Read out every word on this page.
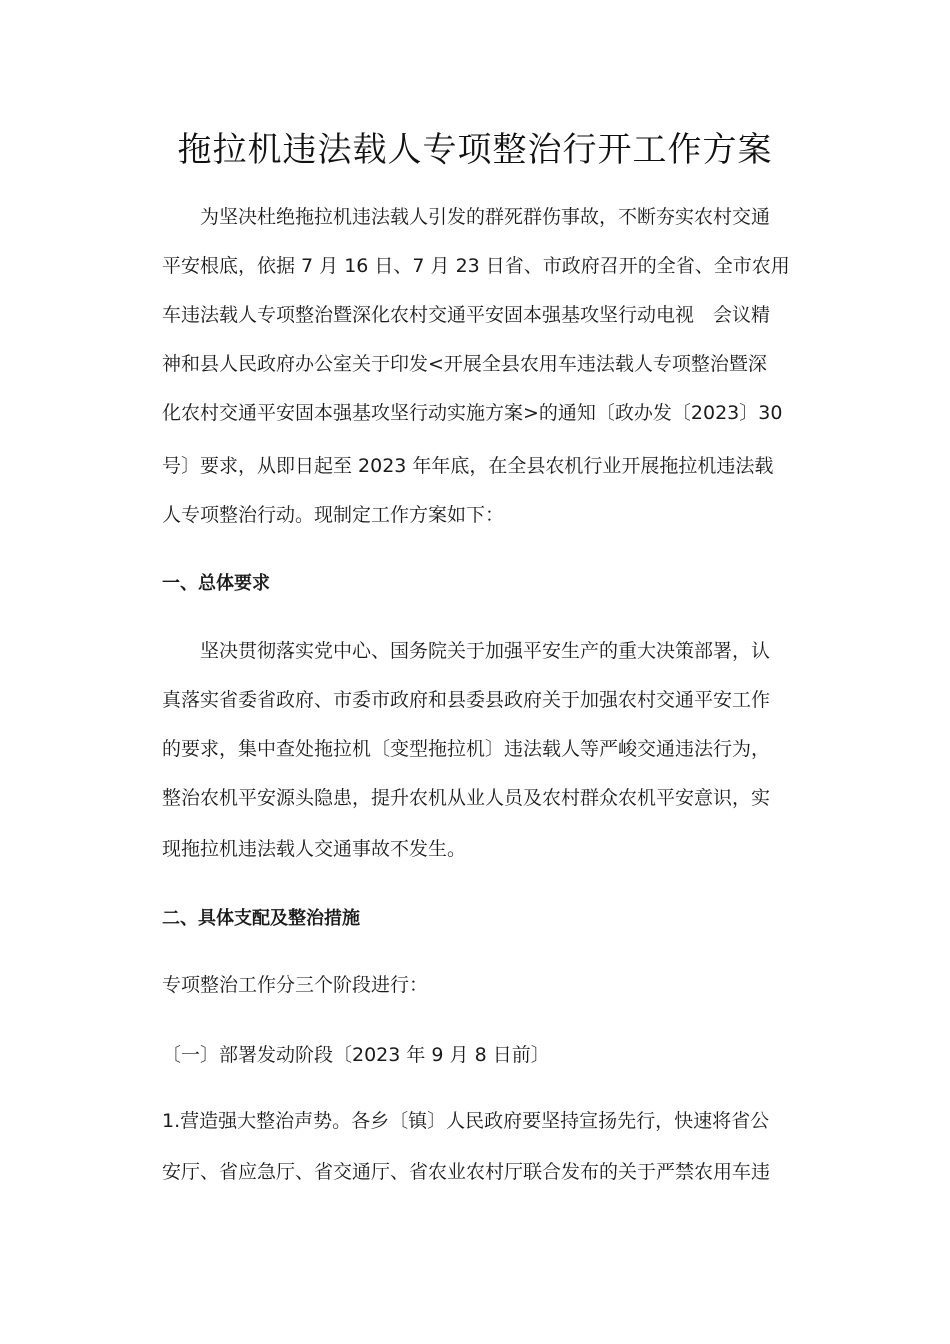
拖拉机违法载人专项整治行开工作方案
为坚决杜绝拖拉机违法载人引发的群死群伤事故，不断夯实农村交通
平安根底，依据 7 月 16 日、7 月 23 日省、市政府召开的全省、全市农用
车违法载人专项整治暨深化农村交通平安固本强基攻坚行动电视　会议精
神和县人民政府办公室关于印发<开展全县农用车违法载人专项整治暨深
化农村交通平安固本强基攻坚行动实施方案>的通知〔政办发〔2023〕30
号〕要求，从即日起至 2023 年年底，在全县农机行业开展拖拉机违法载
人专项整治行动。现制定工作方案如下：
一、总体要求
坚决贯彻落实党中心、国务院关于加强平安生产的重大决策部署，认
真落实省委省政府、市委市政府和县委县政府关于加强农村交通平安工作
的要求，集中查处拖拉机〔变型拖拉机〕违法载人等严峻交通违法行为，
整治农机平安源头隐患，提升农机从业人员及农村群众农机平安意识，实
现拖拉机违法载人交通事故不发生。
二、具体支配及整治措施
专项整治工作分三个阶段进行：
〔一〕部署发动阶段〔2023 年 9 月 8 日前〕
1.营造强大整治声势。各乡〔镇〕人民政府要坚持宣扬先行，快速将省公
安厅、省应急厅、省交通厅、省农业农村厅联合发布的关于严禁农用车违
